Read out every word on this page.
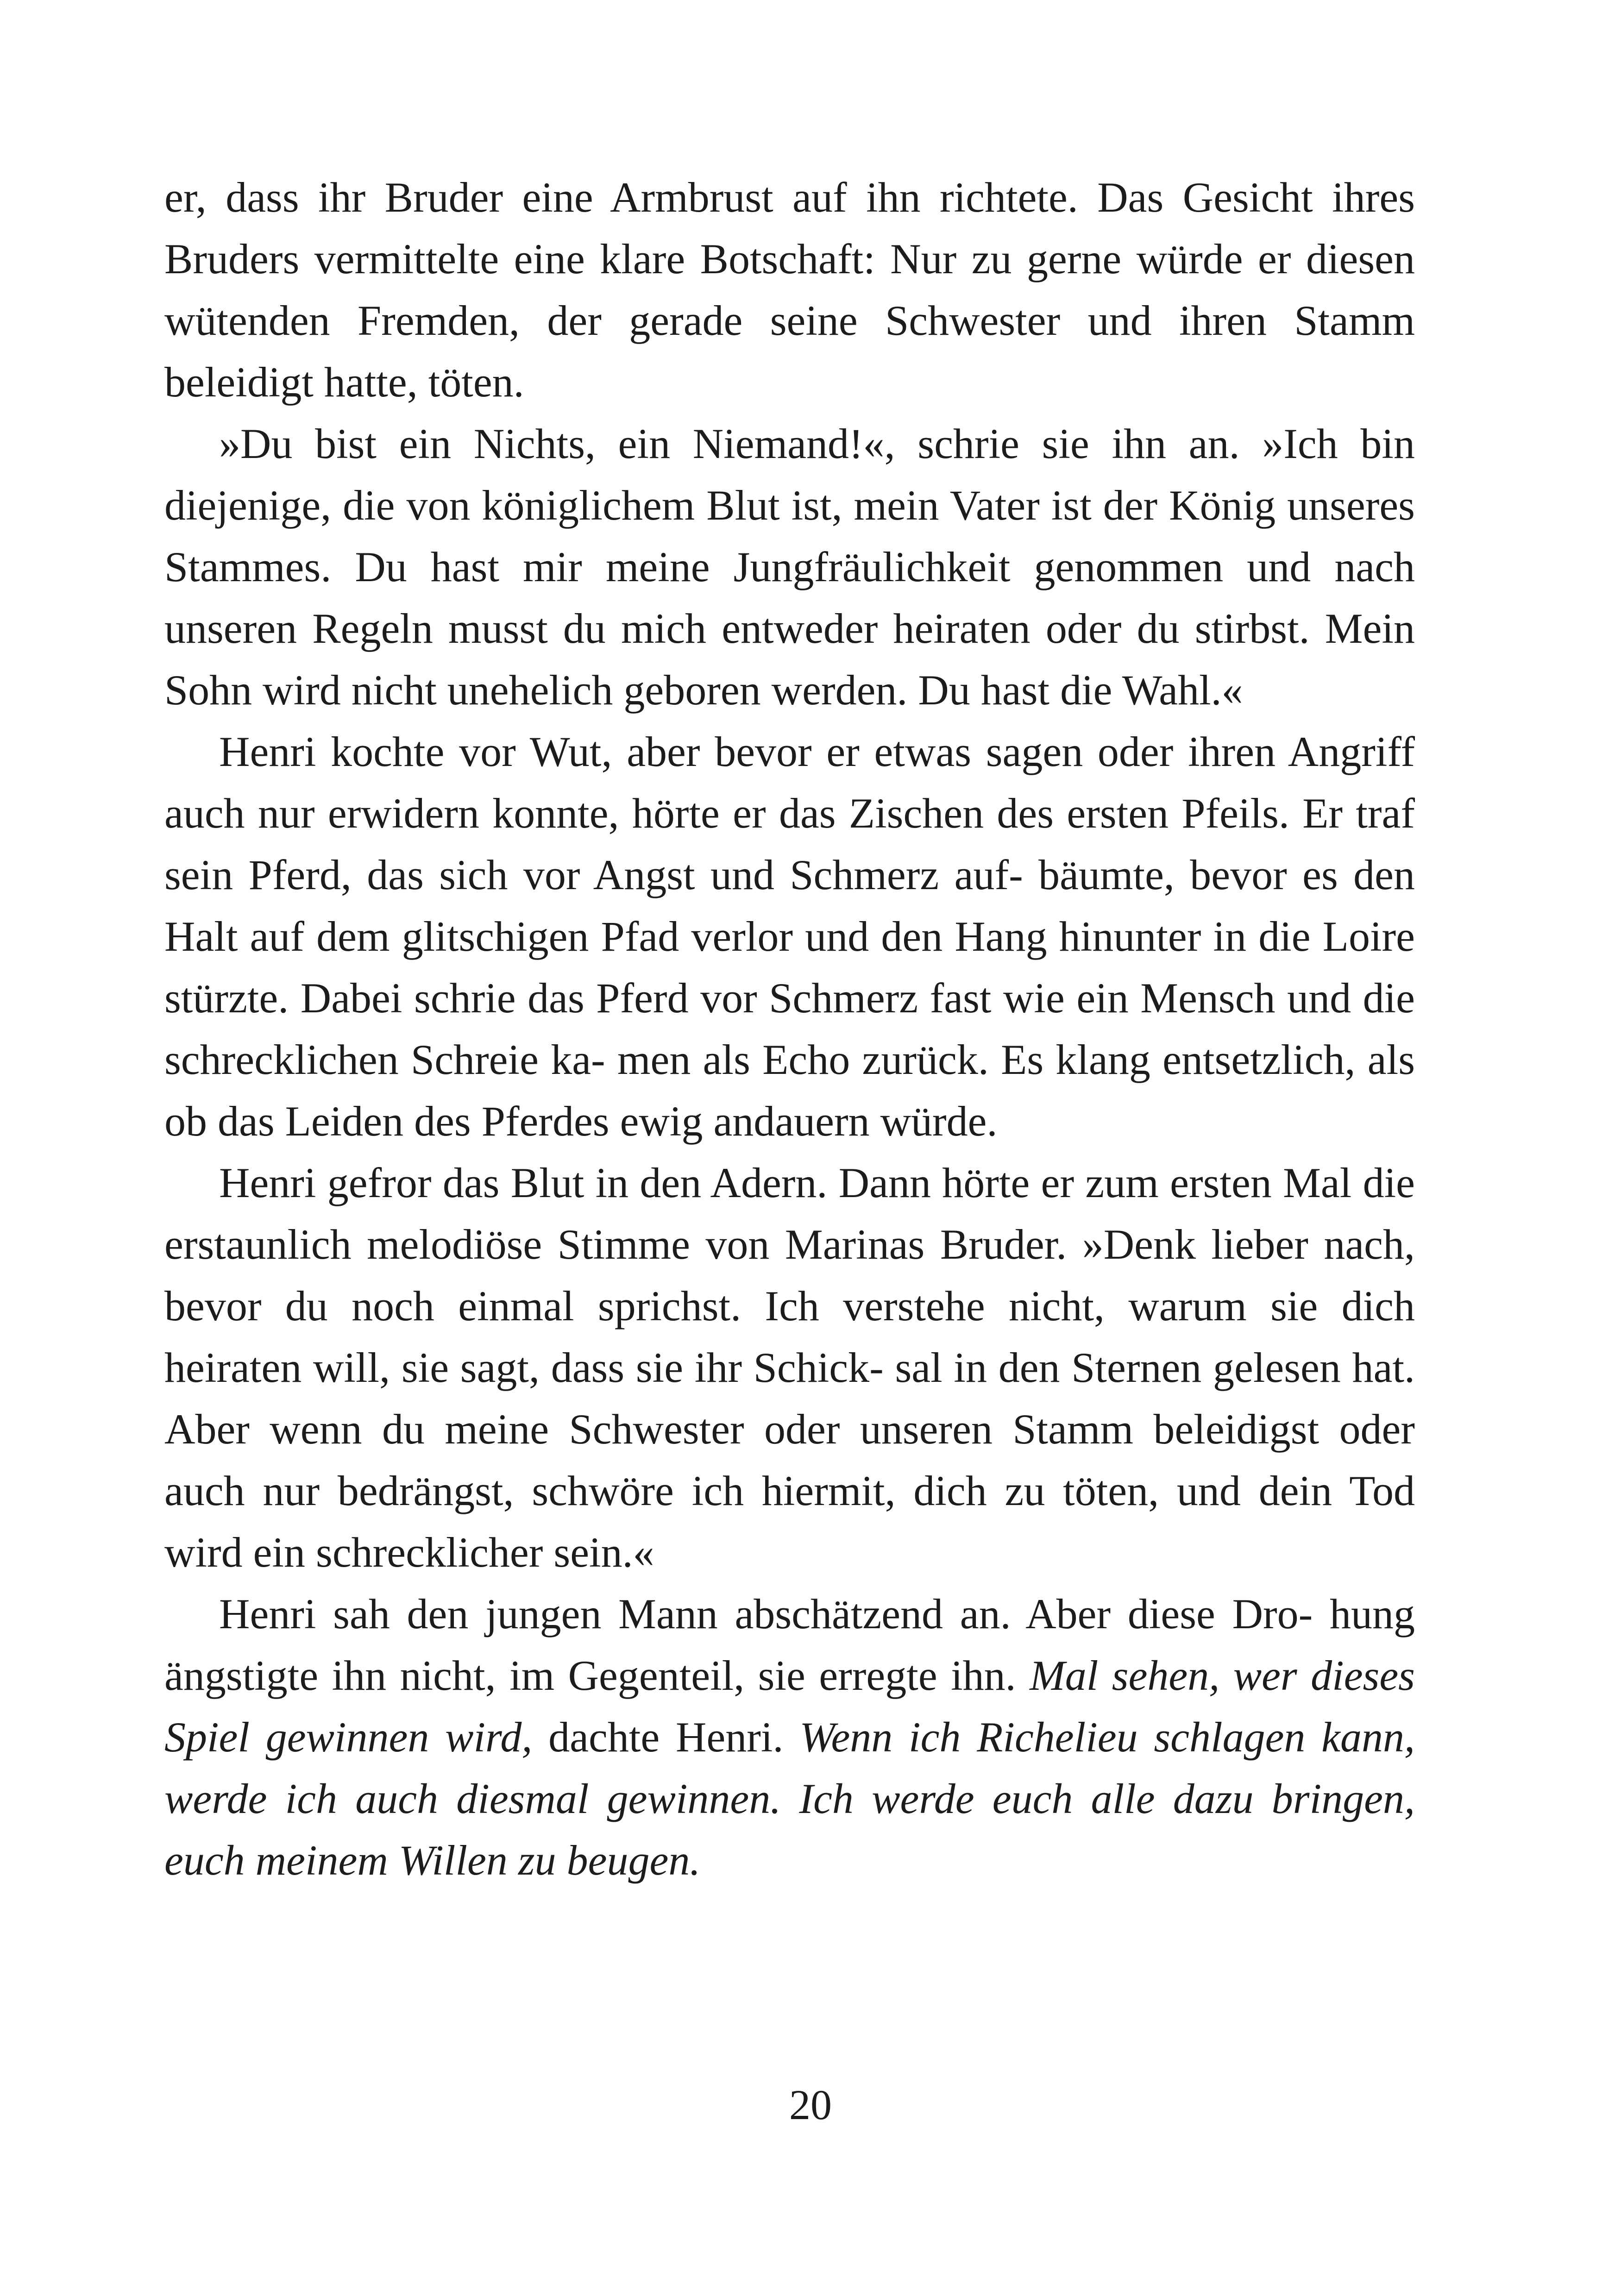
er, dass ihr Bruder eine Armbrust auf ihn richtete. Das Gesicht ihres Bruders vermittelte eine klare Botschaft: Nur zu gerne würde er diesen wütenden Fremden, der gerade seine Schwester und ihren Stamm beleidigt hatte, töten.

»Du bist ein Nichts, ein Niemand!«, schrie sie ihn an. »Ich bin diejenige, die von königlichem Blut ist, mein Vater ist der König unseres Stammes. Du hast mir meine Jungfräulichkeit genommen und nach unseren Regeln musst du mich entweder heiraten oder du stirbst. Mein Sohn wird nicht unehelich geboren werden. Du hast die Wahl.«

Henri kochte vor Wut, aber bevor er etwas sagen oder ihren Angriff auch nur erwidern konnte, hörte er das Zischen des ersten Pfeils. Er traf sein Pferd, das sich vor Angst und Schmerz auf- bäumte, bevor es den Halt auf dem glitschigen Pfad verlor und den Hang hinunter in die Loire stürzte. Dabei schrie das Pferd vor Schmerz fast wie ein Mensch und die schrecklichen Schreie ka- men als Echo zurück. Es klang entsetzlich, als ob das Leiden des Pferdes ewig andauern würde.

Henri gefror das Blut in den Adern. Dann hörte er zum ersten Mal die erstaunlich melodiöse Stimme von Marinas Bruder. »Denk lieber nach, bevor du noch einmal sprichst. Ich verstehe nicht, warum sie dich heiraten will, sie sagt, dass sie ihr Schick- sal in den Sternen gelesen hat. Aber wenn du meine Schwester oder unseren Stamm beleidigst oder auch nur bedrängst, schwöre ich hiermit, dich zu töten, und dein Tod wird ein schrecklicher sein.«

Henri sah den jungen Mann abschätzend an. Aber diese Dro- hung ängstigte ihn nicht, im Gegenteil, sie erregte ihn. Mal sehen, wer dieses Spiel gewinnen wird, dachte Henri. Wenn ich Richelieu schlagen kann, werde ich auch diesmal gewinnen. Ich werde euch alle dazu bringen, euch meinem Willen zu beugen.

20
